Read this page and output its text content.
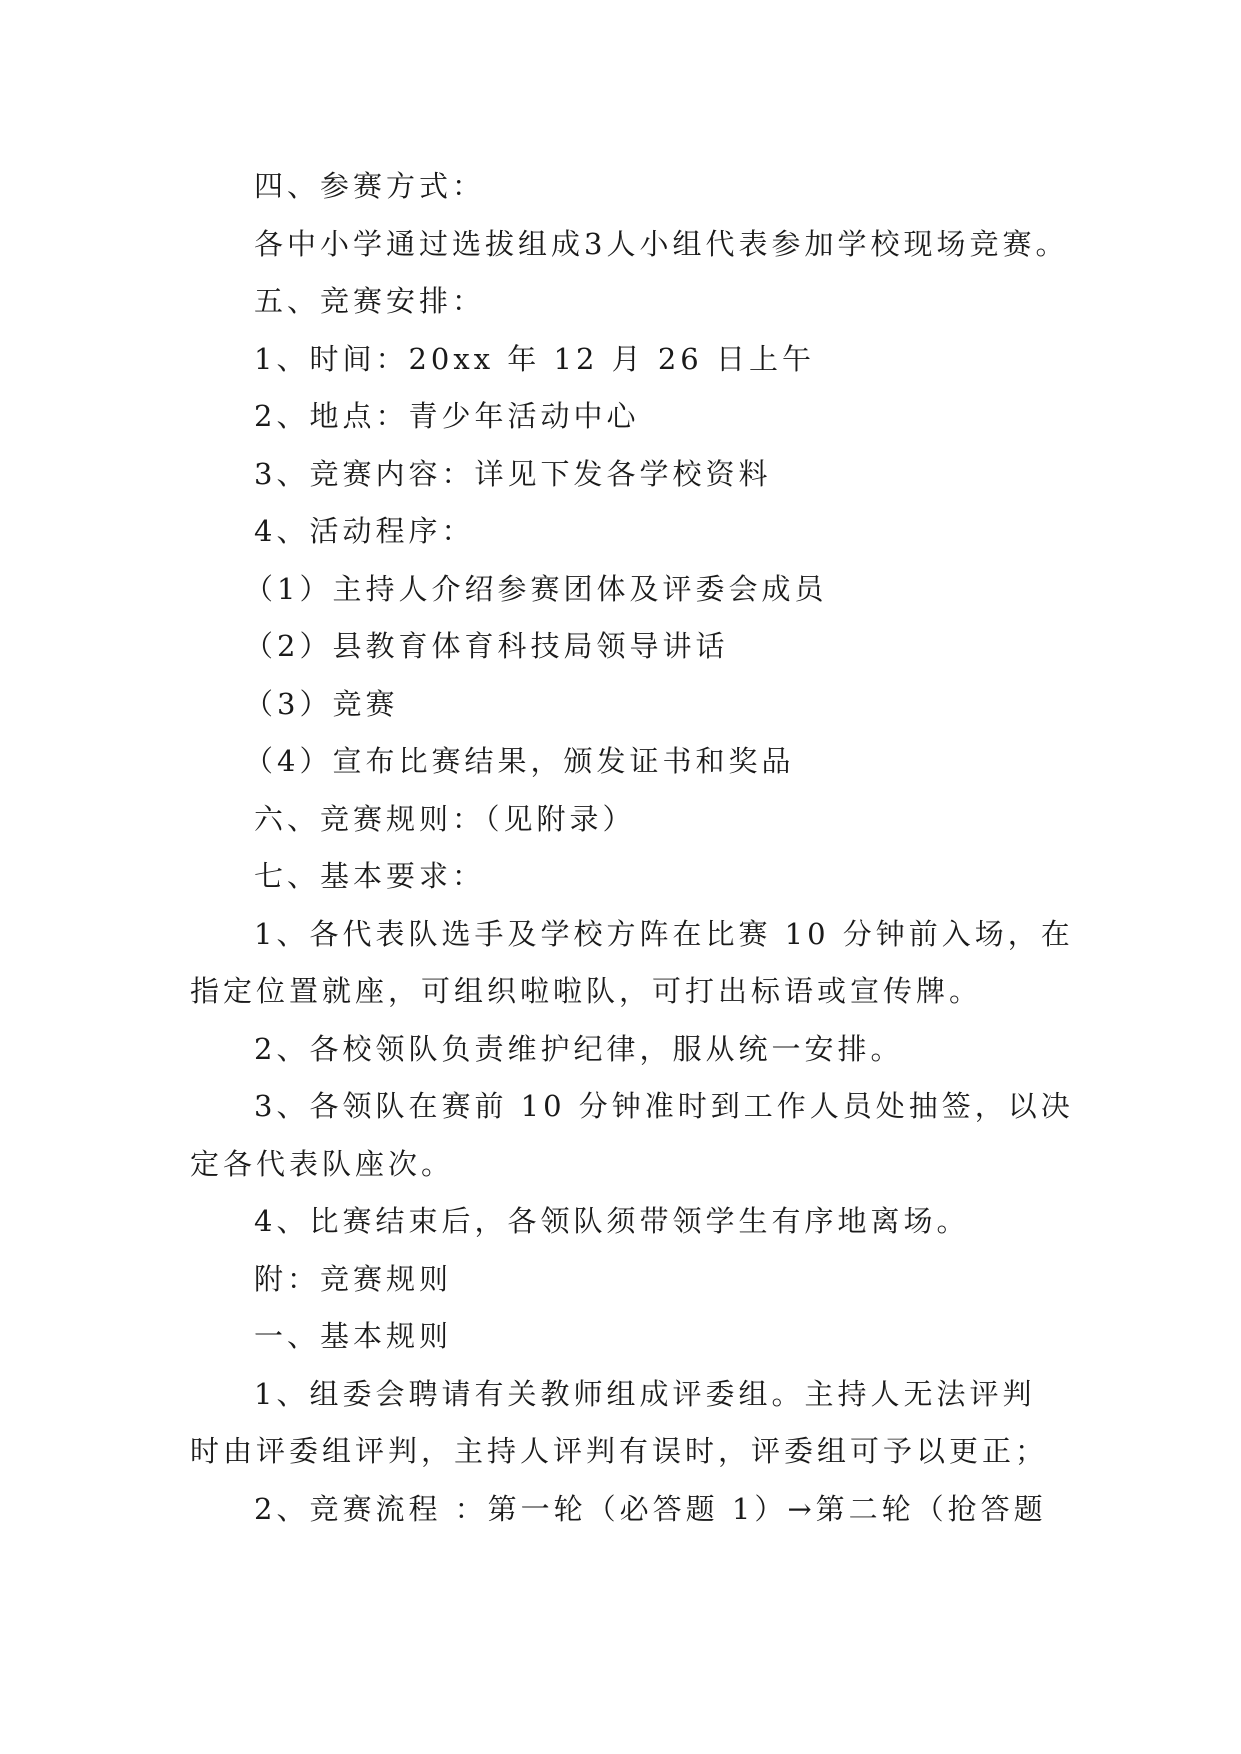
四、参赛方式：

各中小学通过选拔组成3人小组代表参加学校现场竞赛。

五、竞赛安排：

1、时间：20xx 年 12 月 26 日上午

2、地点：青少年活动中心

3、竞赛内容：详见下发各学校资料

4、活动程序：

（1）主持人介绍参赛团体及评委会成员

（2）县教育体育科技局领导讲话

（3）竞赛

（4）宣布比赛结果，颁发证书和奖品

六、竞赛规则：（见附录）

七、基本要求：

1、各代表队选手及学校方阵在比赛 10 分钟前入场，在

指定位置就座，可组织啦啦队，可打出标语或宣传牌。

2、各校领队负责维护纪律，服从统一安排。

3、各领队在赛前 10 分钟准时到工作人员处抽签，以决

定各代表队座次。

4、比赛结束后，各领队须带领学生有序地离场。

附：竞赛规则

一、基本规则

1、组委会聘请有关教师组成评委组。主持人无法评判

时由评委组评判，主持人评判有误时，评委组可予以更正；

2、竞赛流程 ：第一轮（必答题 1）→第二轮（抢答题
